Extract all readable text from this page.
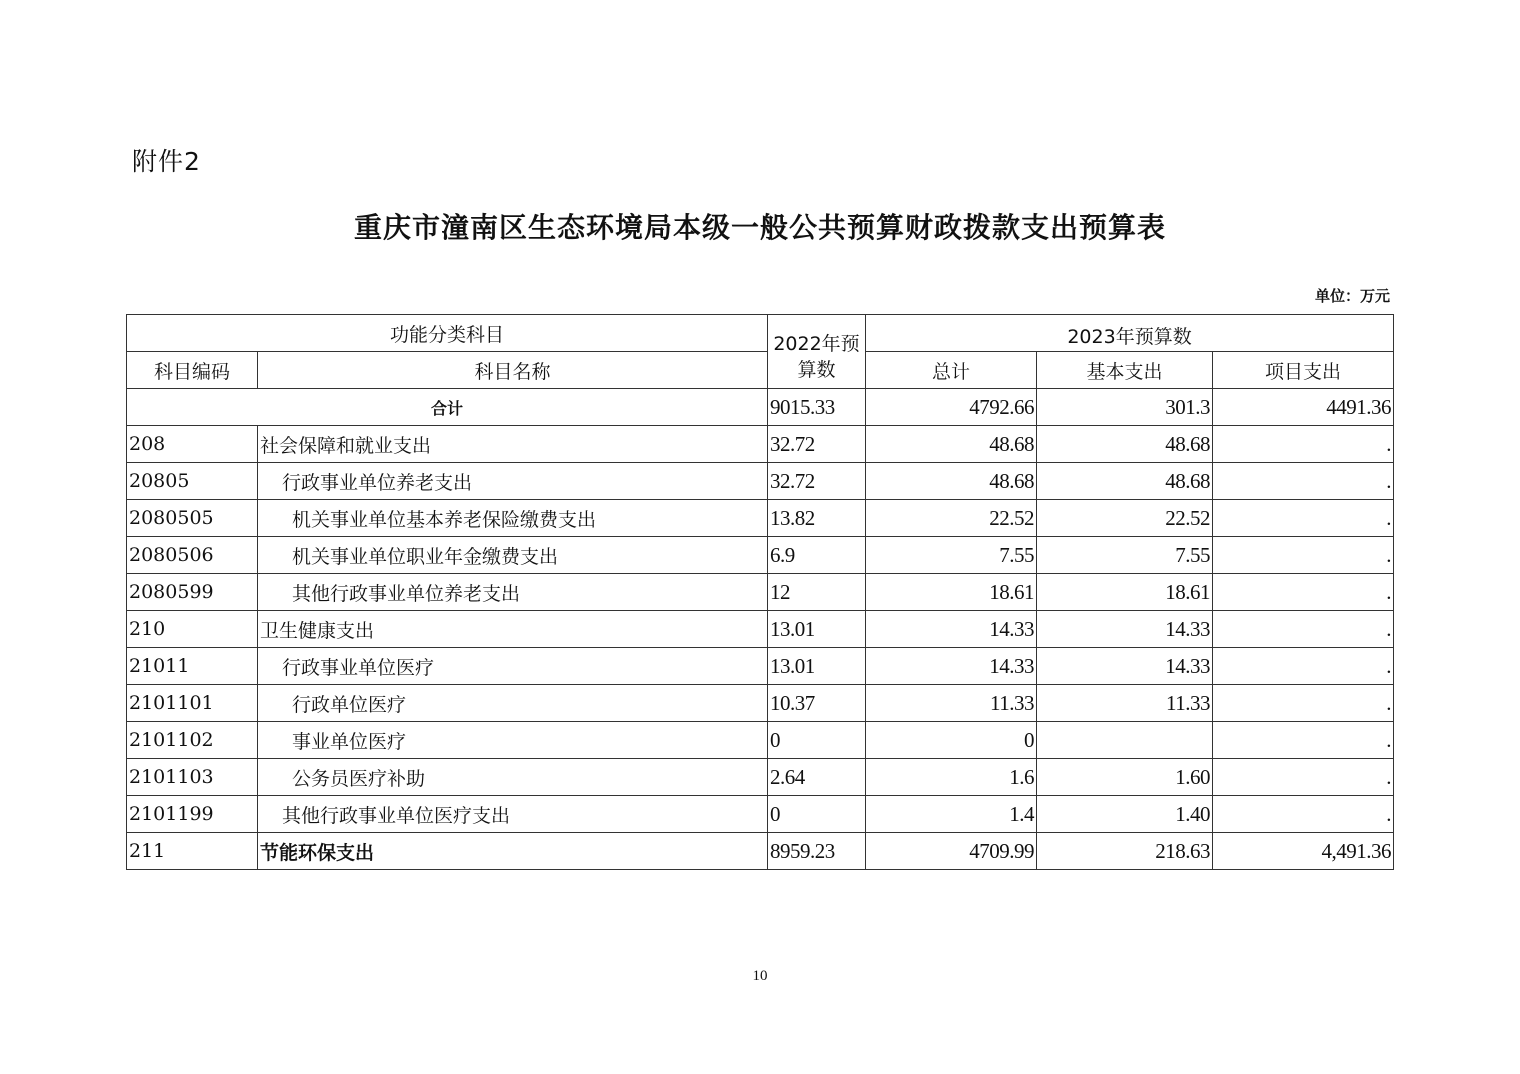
附件2
重庆市潼南区生态环境局本级一般公共预算财政拨款支出预算表
单位：万元
功能分类科目		2022年预算数	2023年预算数		
科目编码	科目名称		总计	基本支出	项目支出
合计		9015.33	4792.66	301.3	4491.36
208	社会保障和就业支出	32.72	48.68	48.68	.
20805	行政事业单位养老支出	32.72	48.68	48.68	.
2080505	机关事业单位基本养老保险缴费支出	13.82	22.52	22.52	.
2080506	机关事业单位职业年金缴费支出	6.9	7.55	7.55	.
2080599	其他行政事业单位养老支出	12	18.61	18.61	.
210	卫生健康支出	13.01	14.33	14.33	.
21011	行政事业单位医疗	13.01	14.33	14.33	.
2101101	行政单位医疗	10.37	11.33	11.33	.
2101102	事业单位医疗	0	0		.
2101103	公务员医疗补助	2.64	1.6	1.60	.
2101199	其他行政事业单位医疗支出	0	1.4	1.40	.
211	节能环保支出	8959.23	4709.99	218.63	4,491.36
10
